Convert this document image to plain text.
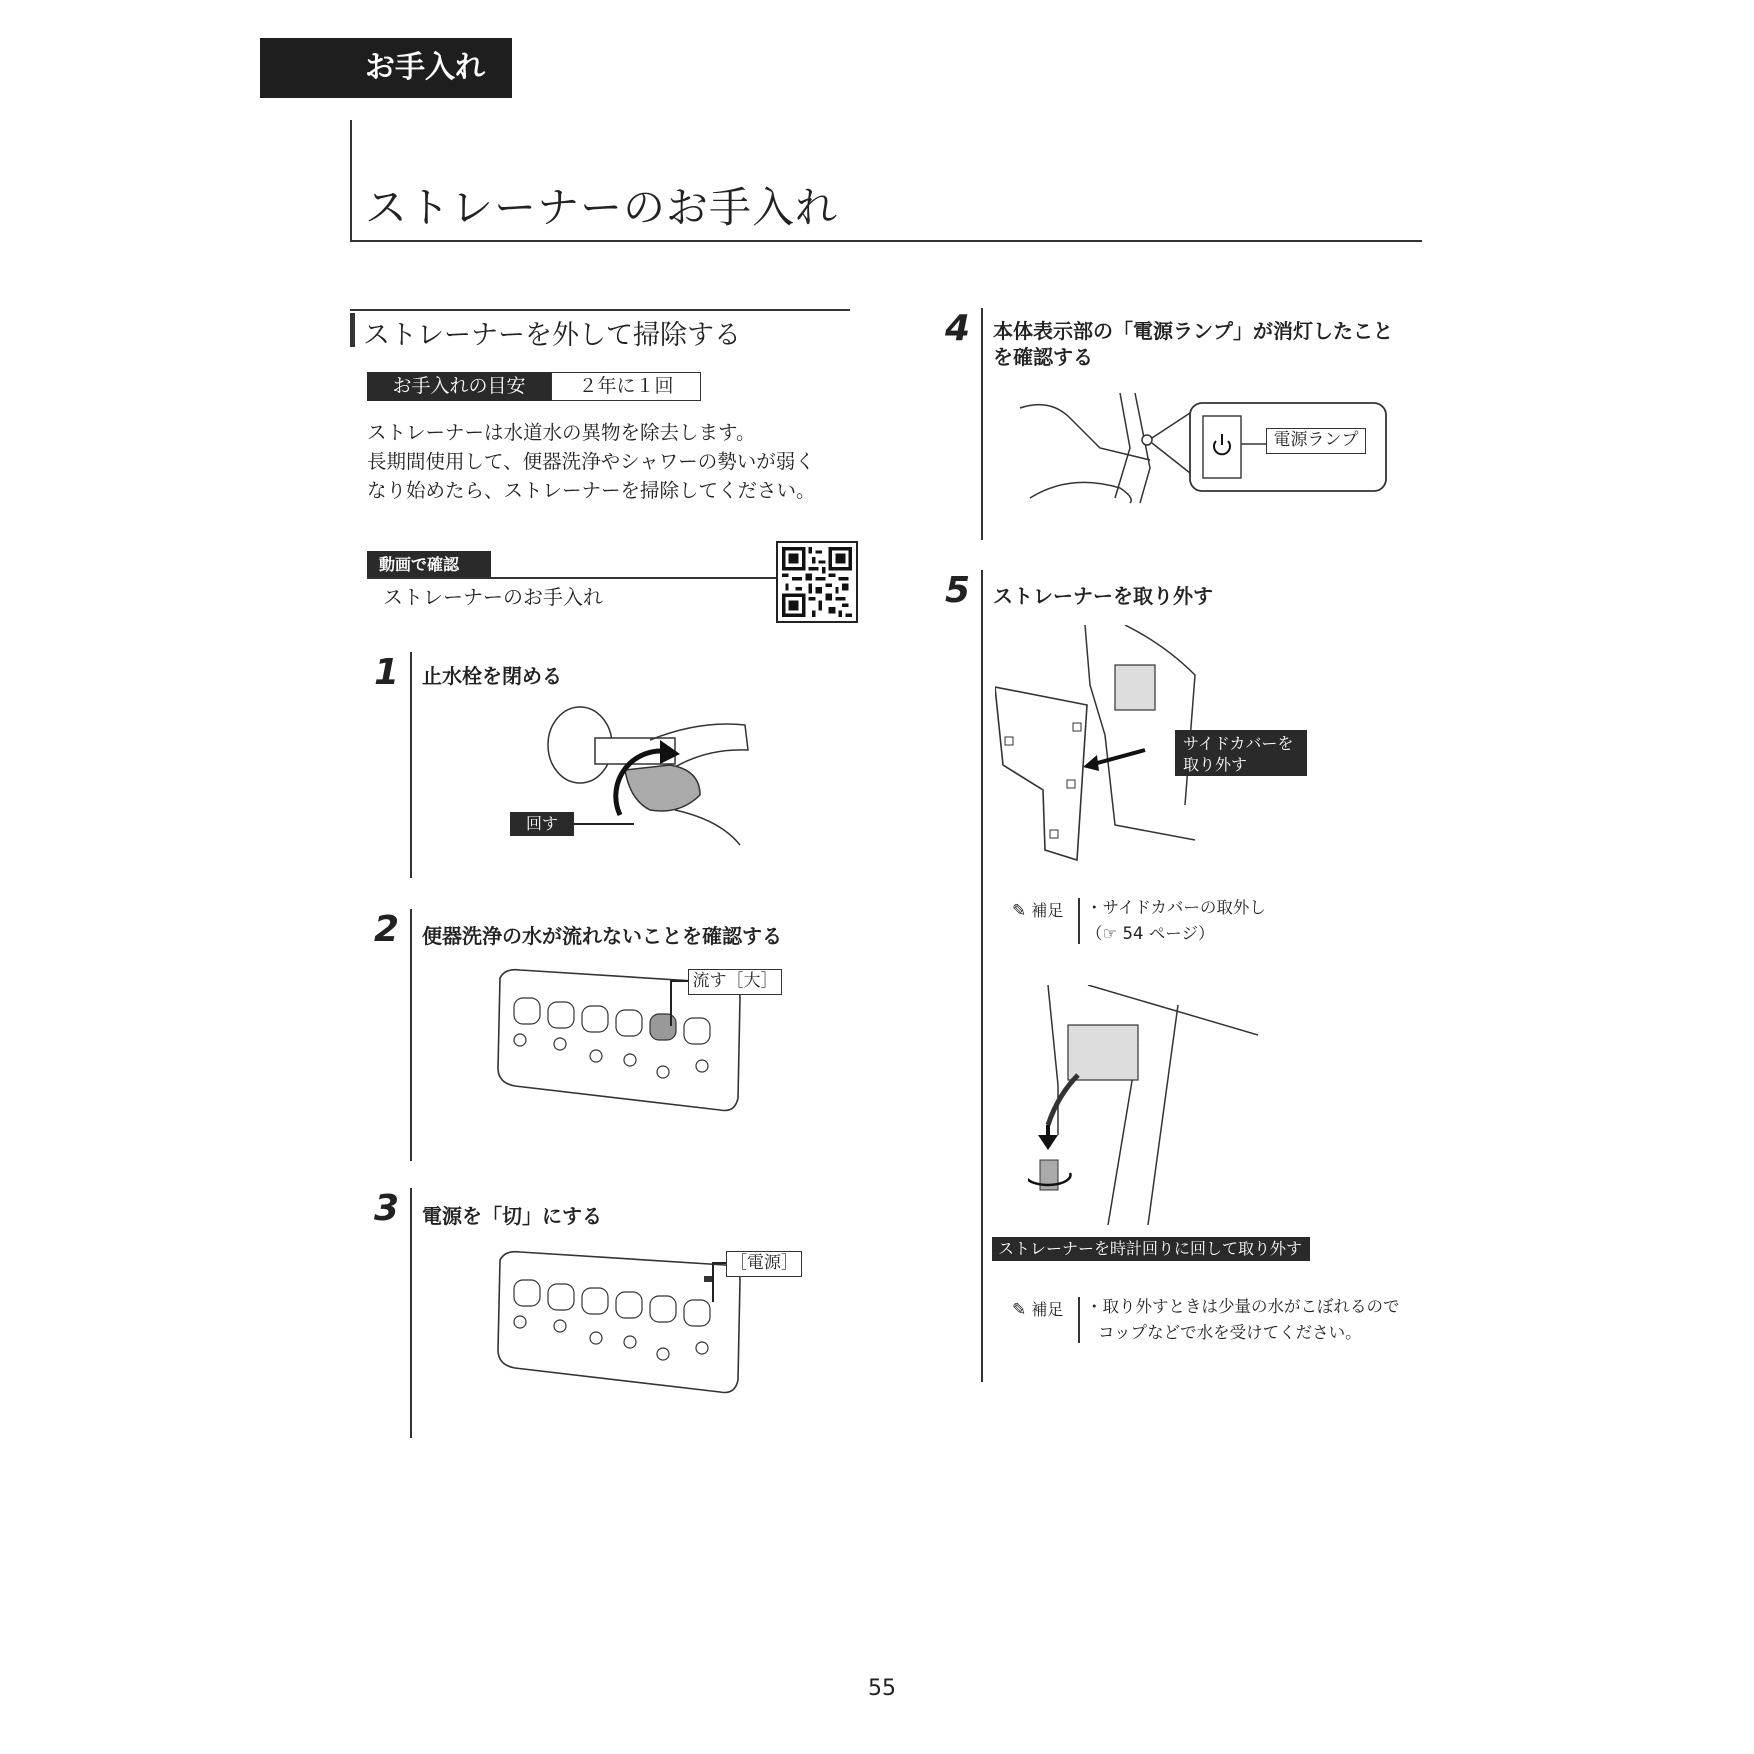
お手入れ
ストレーナーのお手入れ
ストレーナーを外して掃除する
お手入れの目安	２年に１回
ストレーナーは水道水の異物を除去します。
長期間使用して、便器洗浄やシャワーの勢いが弱く
なり始めたら、ストレーナーを掃除してください。
動画で確認
ストレーナーのお手入れ
1 止水栓を閉める
回す
2 便器洗浄の水が流れないことを確認する
流す［大］
3 電源を「切」にする
［電源］
4 本体表示部の「電源ランプ」が消灯したこと
を確認する
電源ランプ
5 ストレーナーを取り外す
サイドカバーを
取り外す
✎ 補足 ・サイドカバーの取外し
（☞ 54 ページ）
ストレーナーを時計回りに回して取り外す
✎ 補足 ・取り外すときは少量の水がこぼれるので
コップなどで水を受けてください。
55
